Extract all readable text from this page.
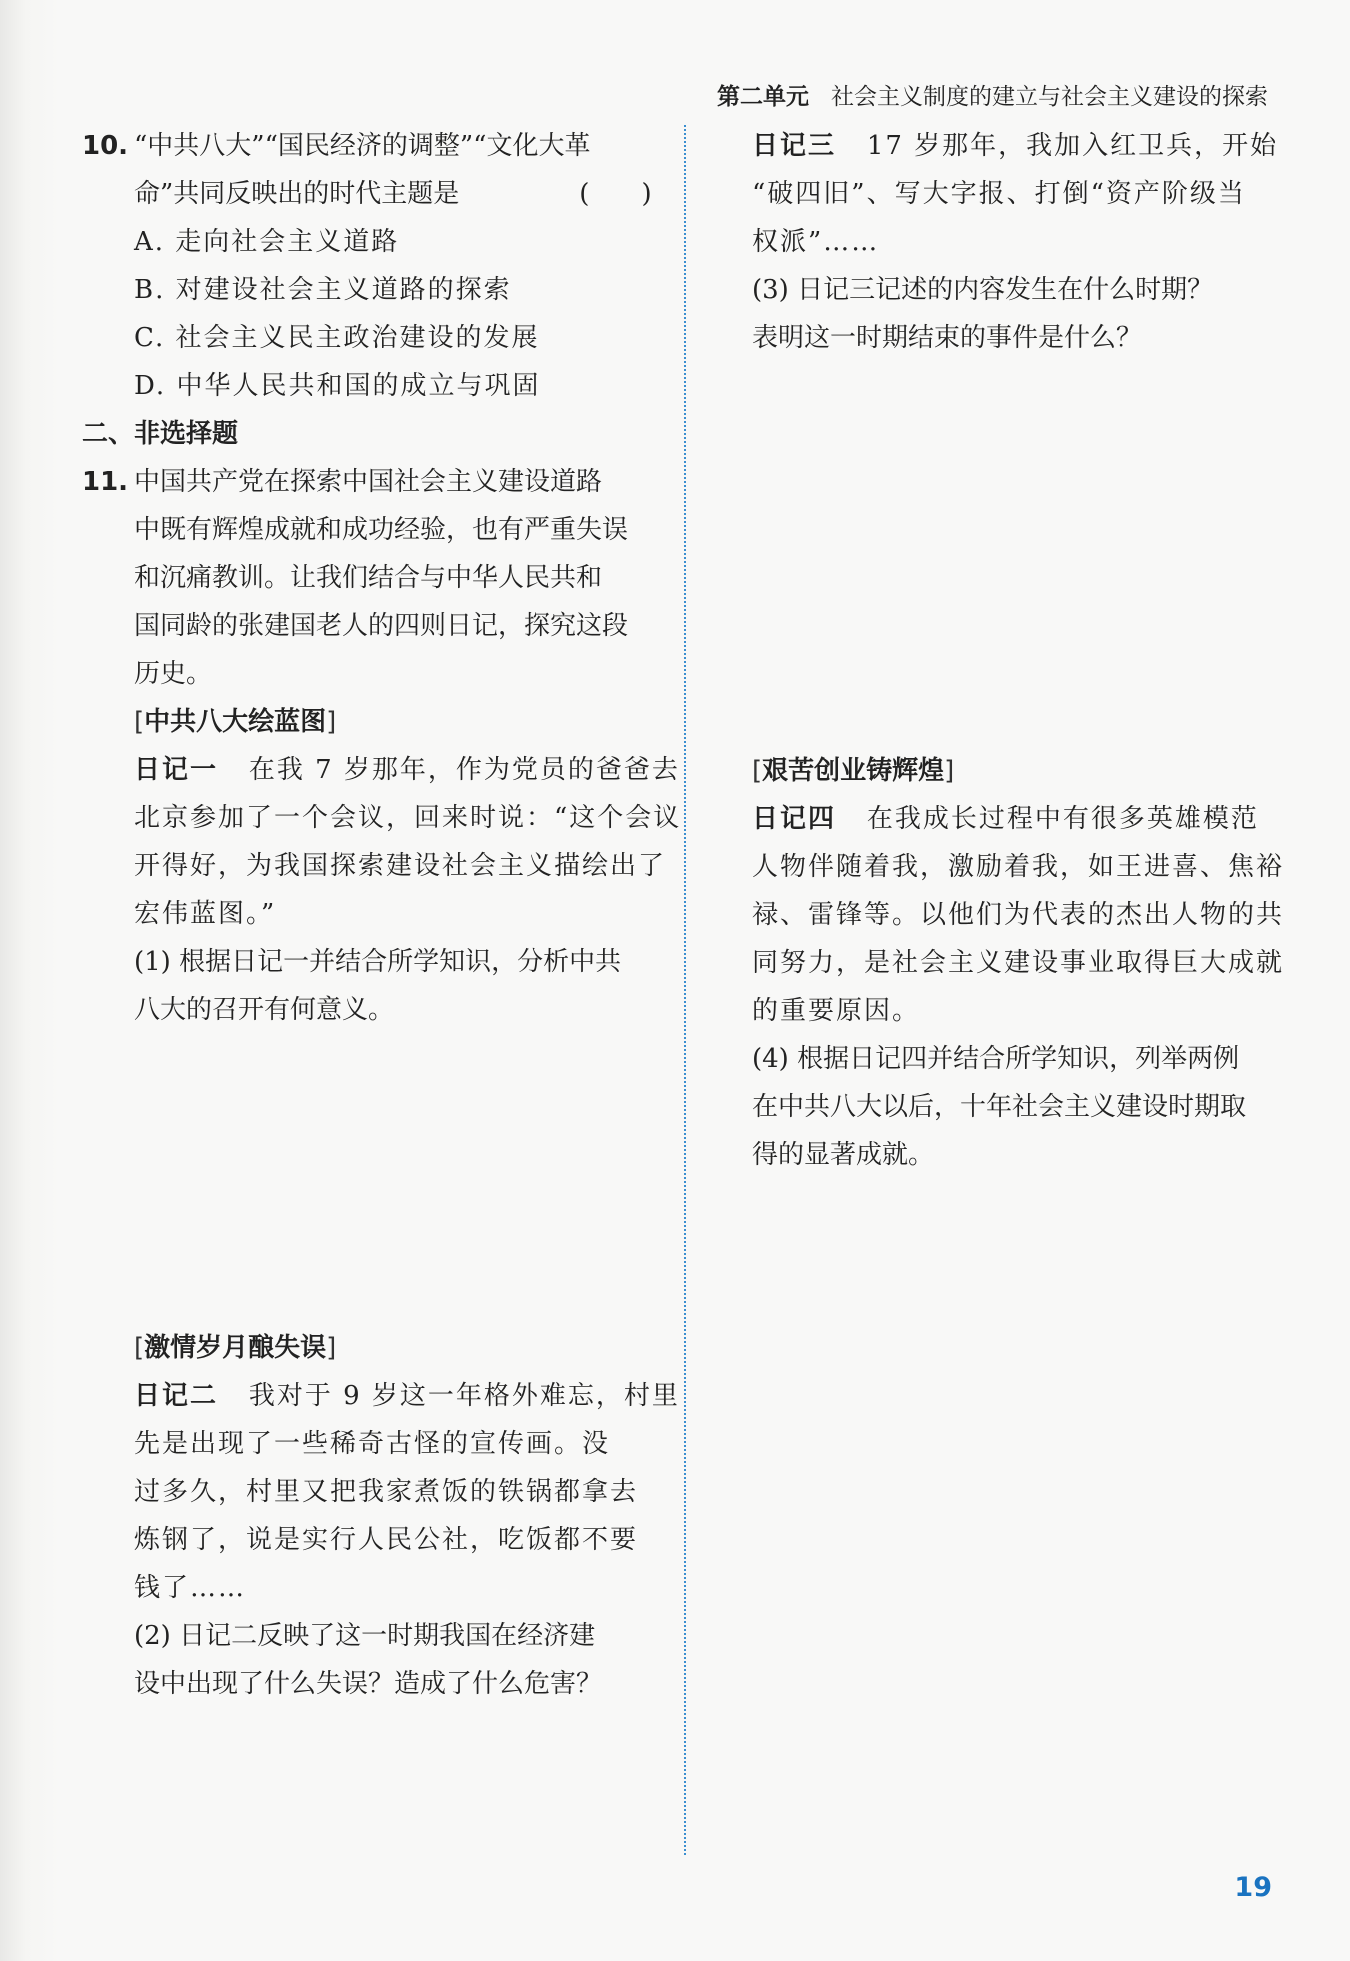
第二单元 社会主义制度的建立与社会主义建设的探索
10. “中共八大”“国民经济的调整”“文化大革
命”共同反映出的时代主题是	(　　)
A. 走向社会主义道路
B. 对建设社会主义道路的探索
C. 社会主义民主政治建设的发展
D. 中华人民共和国的成立与巩固
二、非选择题
11. 中国共产党在探索中国社会主义建设道路
中既有辉煌成就和成功经验，也有严重失误
和沉痛教训。让我们结合与中华人民共和
国同龄的张建国老人的四则日记，探究这段
历史。
[中共八大绘蓝图]
日记一 在我 7 岁那年，作为党员的爸爸去
北京参加了一个会议，回来时说：“这个会议
开得好，为我国探索建设社会主义描绘出了
宏伟蓝图。”
(1) 根据日记一并结合所学知识，分析中共
八大的召开有何意义。
[激情岁月酿失误]
日记二 我对于 9 岁这一年格外难忘，村里
先是出现了一些稀奇古怪的宣传画。没
过多久，村里又把我家煮饭的铁锅都拿去
炼钢了，说是实行人民公社，吃饭都不要
钱了……
(2) 日记二反映了这一时期我国在经济建
设中出现了什么失误？造成了什么危害？
日记三 17 岁那年，我加入红卫兵，开始
“破四旧”、写大字报、打倒“资产阶级当
权派”……
(3) 日记三记述的内容发生在什么时期？
表明这一时期结束的事件是什么？
[艰苦创业铸辉煌]
日记四 在我成长过程中有很多英雄模范
人物伴随着我，激励着我，如王进喜、焦裕
禄、雷锋等。以他们为代表的杰出人物的共
同努力，是社会主义建设事业取得巨大成就
的重要原因。
(4) 根据日记四并结合所学知识，列举两例
在中共八大以后，十年社会主义建设时期取
得的显著成就。
19
